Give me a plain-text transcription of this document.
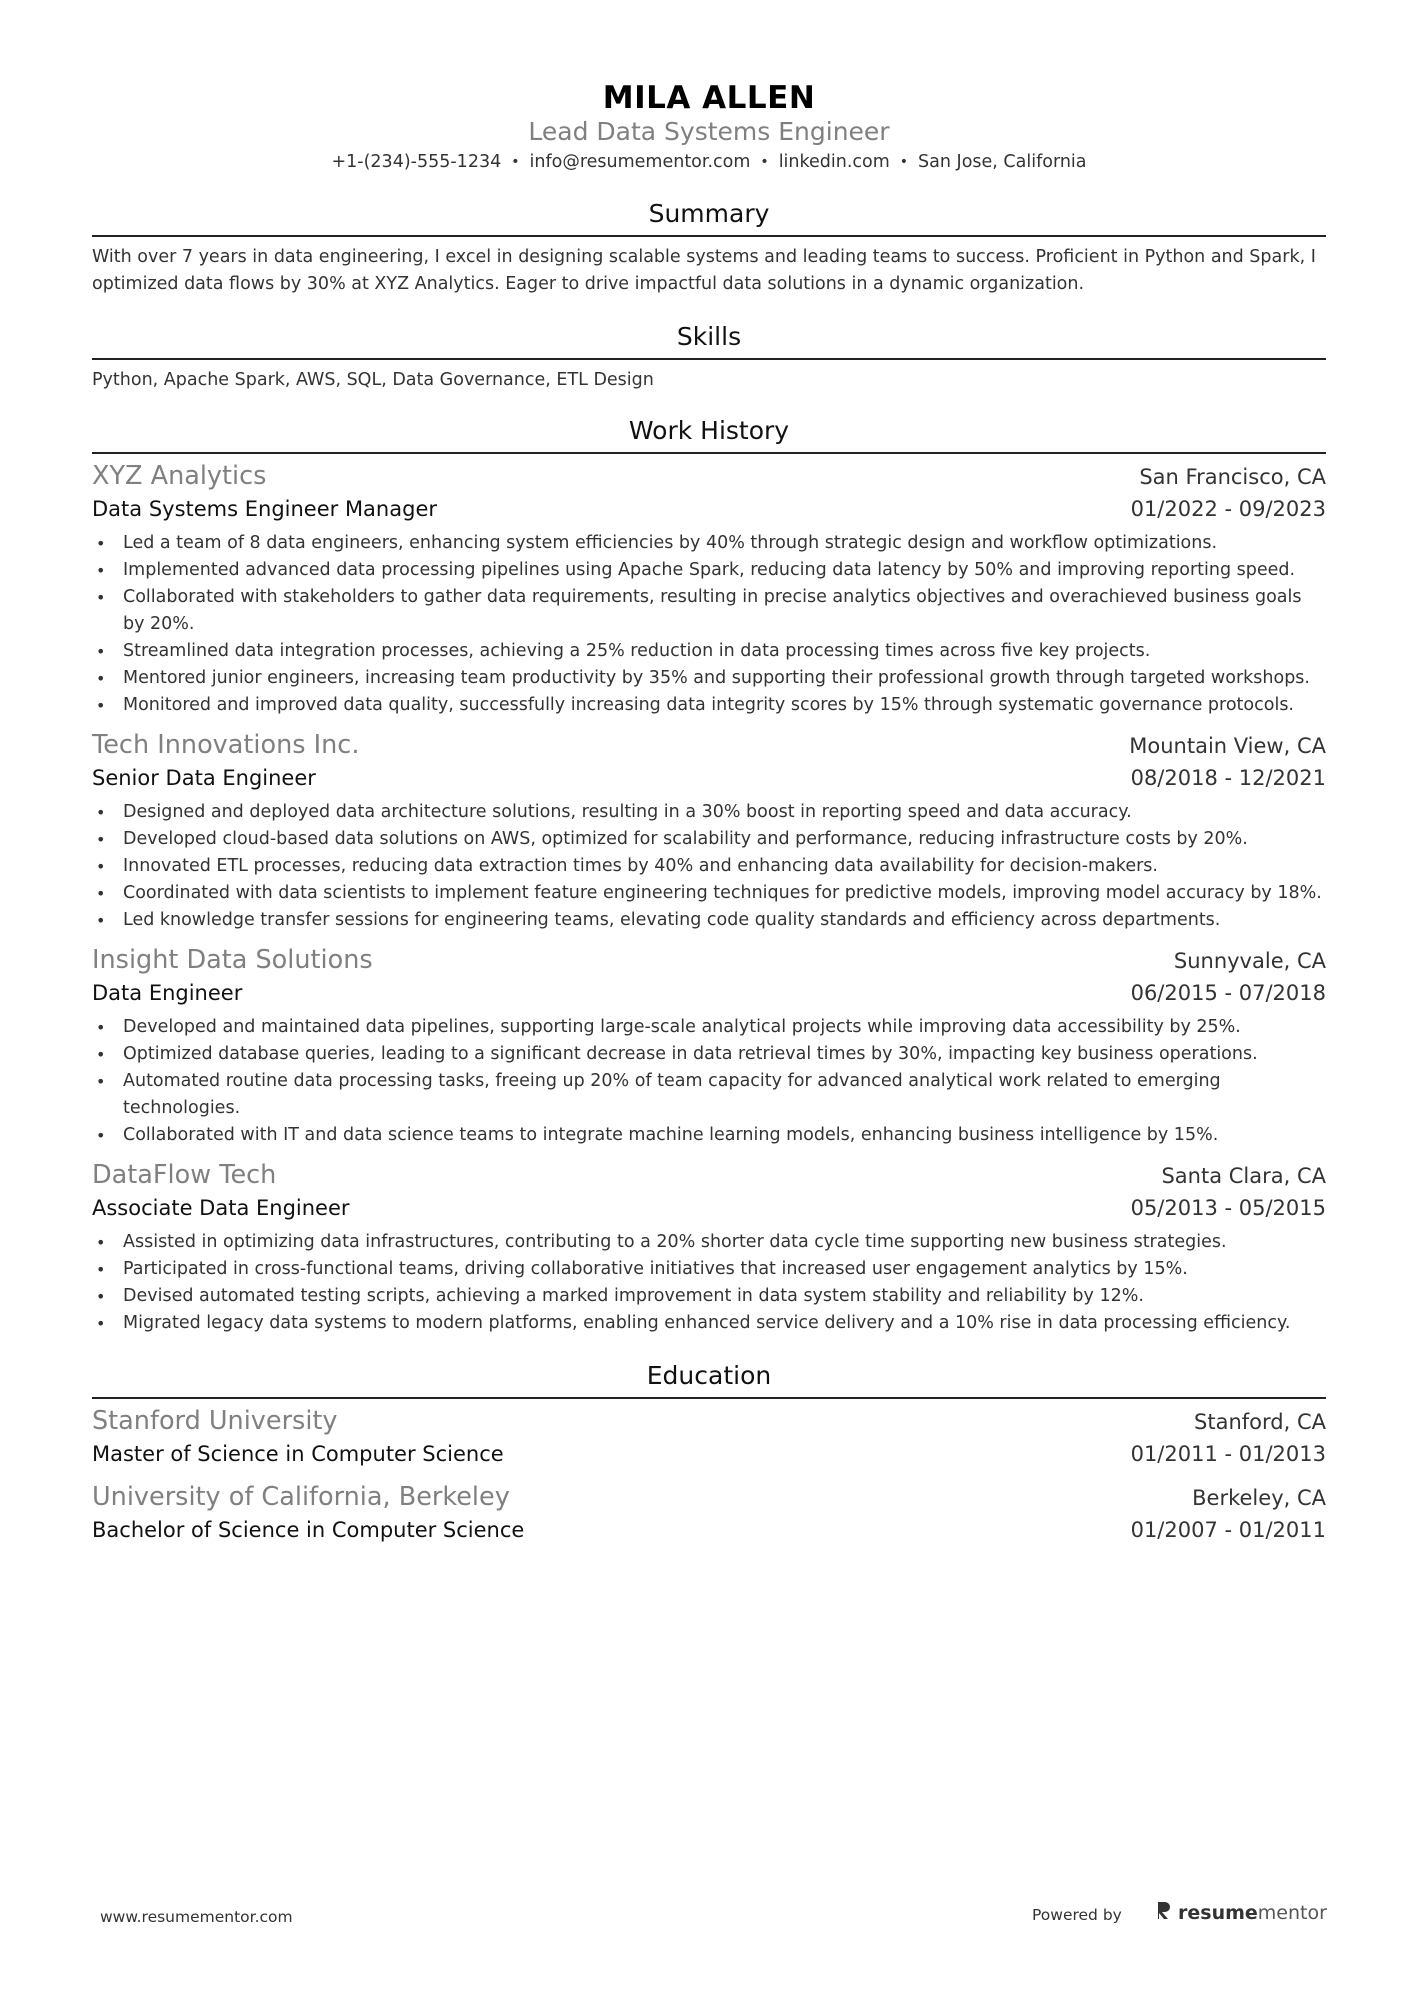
MILA ALLEN
Lead Data Systems Engineer
+1-(234)-555-1234 • info@resumementor.com • linkedin.com • San Jose, California
Summary
With over 7 years in data engineering, I excel in designing scalable systems and leading teams to success. Proficient in Python and Spark, I optimized data flows by 30% at XYZ Analytics. Eager to drive impactful data solutions in a dynamic organization.
Skills
Python, Apache Spark, AWS, SQL, Data Governance, ETL Design
Work History
XYZ Analytics	San Francisco, CA
Data Systems Engineer Manager	01/2022 - 09/2023
• Led a team of 8 data engineers, enhancing system efficiencies by 40% through strategic design and workflow optimizations.
• Implemented advanced data processing pipelines using Apache Spark, reducing data latency by 50% and improving reporting speed.
• Collaborated with stakeholders to gather data requirements, resulting in precise analytics objectives and overachieved business goals by 20%.
• Streamlined data integration processes, achieving a 25% reduction in data processing times across five key projects.
• Mentored junior engineers, increasing team productivity by 35% and supporting their professional growth through targeted workshops.
• Monitored and improved data quality, successfully increasing data integrity scores by 15% through systematic governance protocols.
Tech Innovations Inc.	Mountain View, CA
Senior Data Engineer	08/2018 - 12/2021
• Designed and deployed data architecture solutions, resulting in a 30% boost in reporting speed and data accuracy.
• Developed cloud-based data solutions on AWS, optimized for scalability and performance, reducing infrastructure costs by 20%.
• Innovated ETL processes, reducing data extraction times by 40% and enhancing data availability for decision-makers.
• Coordinated with data scientists to implement feature engineering techniques for predictive models, improving model accuracy by 18%.
• Led knowledge transfer sessions for engineering teams, elevating code quality standards and efficiency across departments.
Insight Data Solutions	Sunnyvale, CA
Data Engineer	06/2015 - 07/2018
• Developed and maintained data pipelines, supporting large-scale analytical projects while improving data accessibility by 25%.
• Optimized database queries, leading to a significant decrease in data retrieval times by 30%, impacting key business operations.
• Automated routine data processing tasks, freeing up 20% of team capacity for advanced analytical work related to emerging technologies.
• Collaborated with IT and data science teams to integrate machine learning models, enhancing business intelligence by 15%.
DataFlow Tech	Santa Clara, CA
Associate Data Engineer	05/2013 - 05/2015
• Assisted in optimizing data infrastructures, contributing to a 20% shorter data cycle time supporting new business strategies.
• Participated in cross-functional teams, driving collaborative initiatives that increased user engagement analytics by 15%.
• Devised automated testing scripts, achieving a marked improvement in data system stability and reliability by 12%.
• Migrated legacy data systems to modern platforms, enabling enhanced service delivery and a 10% rise in data processing efficiency.
Education
Stanford University	Stanford, CA
Master of Science in Computer Science	01/2011 - 01/2013
University of California, Berkeley	Berkeley, CA
Bachelor of Science in Computer Science	01/2007 - 01/2011
www.resumementor.com	Powered by	resume mentor
